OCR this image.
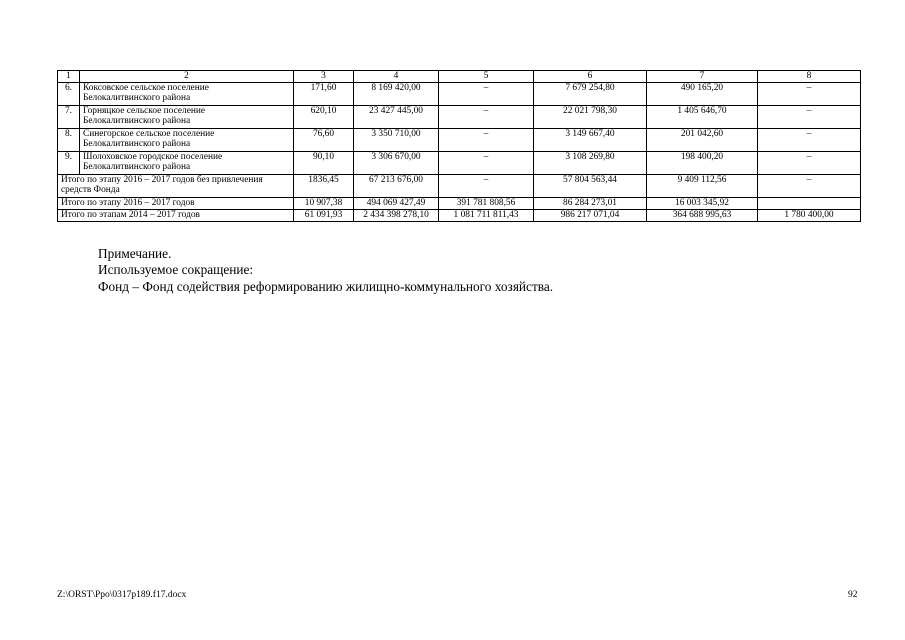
1	2	3	4	5	6	7	8
6.	Коксовское сельское поселение
Белокалитвинского района	171,60	8 169 420,00	–	7 679 254,80	490 165,20	–
7.	Горняцкое сельское поселение
Белокалитвинского района	620,10	23 427 445,00	–	22 021 798,30	1 405 646,70	–
8.	Синегорское сельское поселение
Белокалитвинского района	76,60	3 350 710,00	–	3 149 667,40	201 042,60	–
9.	Шолоховское городское поселение
Белокалитвинского района	90,10	3 306 670,00	–	3 108 269,80	198 400,20	–

Итого по этапу 2016 – 2017 годов без привлечения
средств Фонда		1836,45	67 213 676,00	–	57 804 563,44	9 409 112,56	–
Итого по этапу 2016 – 2017 годов		10 907,38	494 069 427,49	391 781 808,56	86 284 273,01	16 003 345,92	
Итого по этапам 2014 – 2017 годов		61 091,93	2 434 398 278,10	1 081 711 811,43	986 217 071,04	364 688 995,63	1 780 400,00
Примечание.
Используемое сокращение:
Фонд – Фонд содействия реформированию жилищно-коммунального хозяйства.
Z:\ORST\Ppo\0317p189.f17.docx	92
